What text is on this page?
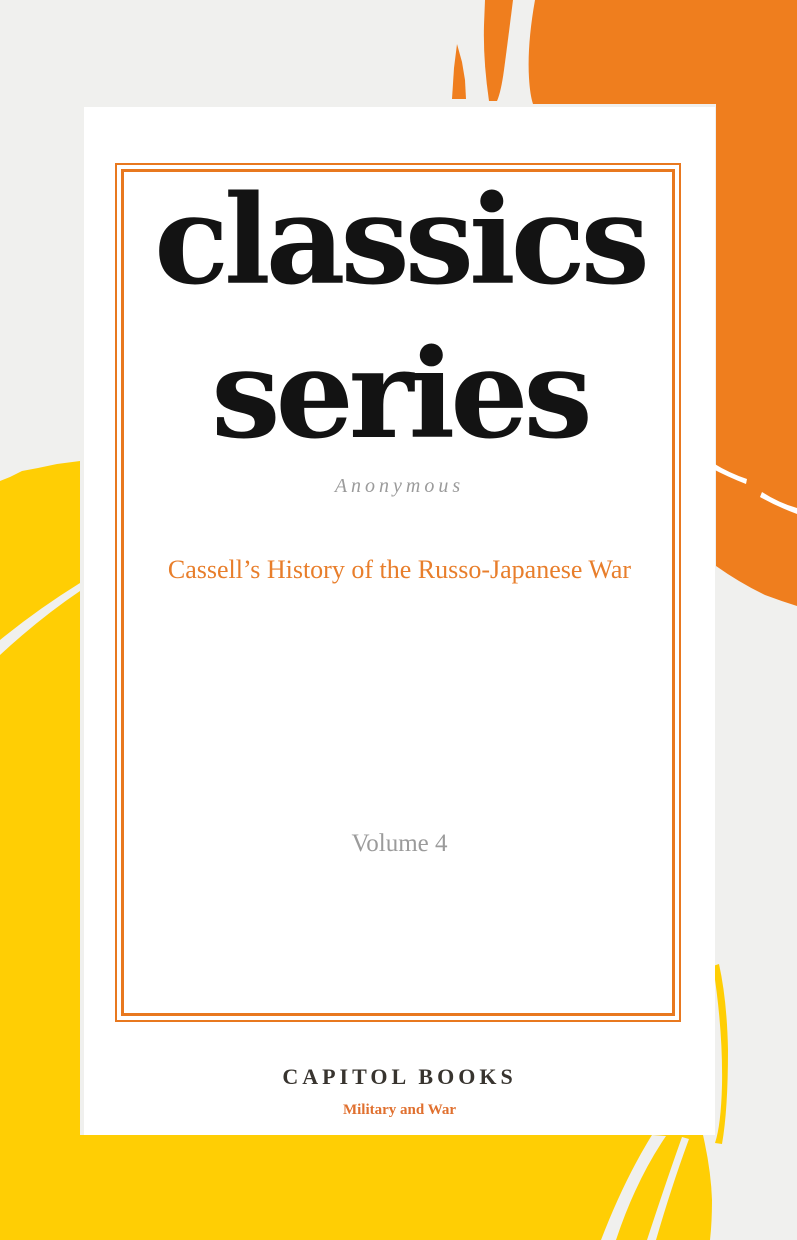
classics
series
Anonymous
Cassell’s History of the Russo-Japanese War
Volume 4
CAPITOL BOOKS
Military and War
